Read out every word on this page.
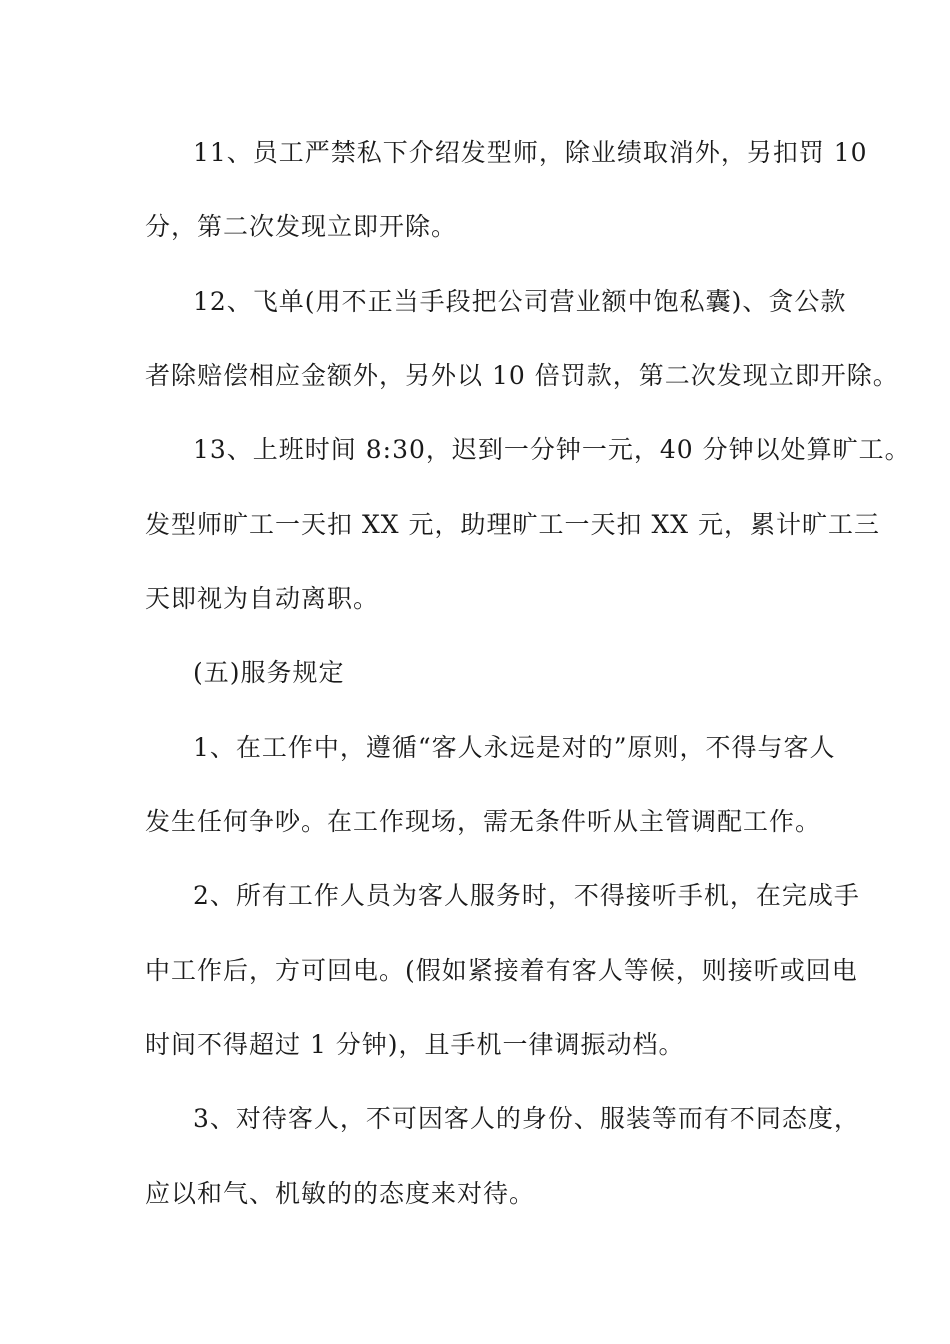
11、员工严禁私下介绍发型师，除业绩取消外，另扣罚 10
分，第二次发现立即开除。
12、飞单(用不正当手段把公司营业额中饱私囊)、贪公款
者除赔偿相应金额外，另外以 10 倍罚款，第二次发现立即开除。
13、上班时间 8:30，迟到一分钟一元，40 分钟以处算旷工。
发型师旷工一天扣 XX 元，助理旷工一天扣 XX 元，累计旷工三
天即视为自动离职。
(五)服务规定
1、在工作中，遵循“客人永远是对的”原则，不得与客人
发生任何争吵。在工作现场，需无条件听从主管调配工作。
2、所有工作人员为客人服务时，不得接听手机，在完成手
中工作后，方可回电。(假如紧接着有客人等候，则接听或回电
时间不得超过 1 分钟)，且手机一律调振动档。
3、对待客人，不可因客人的身份、服装等而有不同态度，
应以和气、机敏的的态度来对待。
